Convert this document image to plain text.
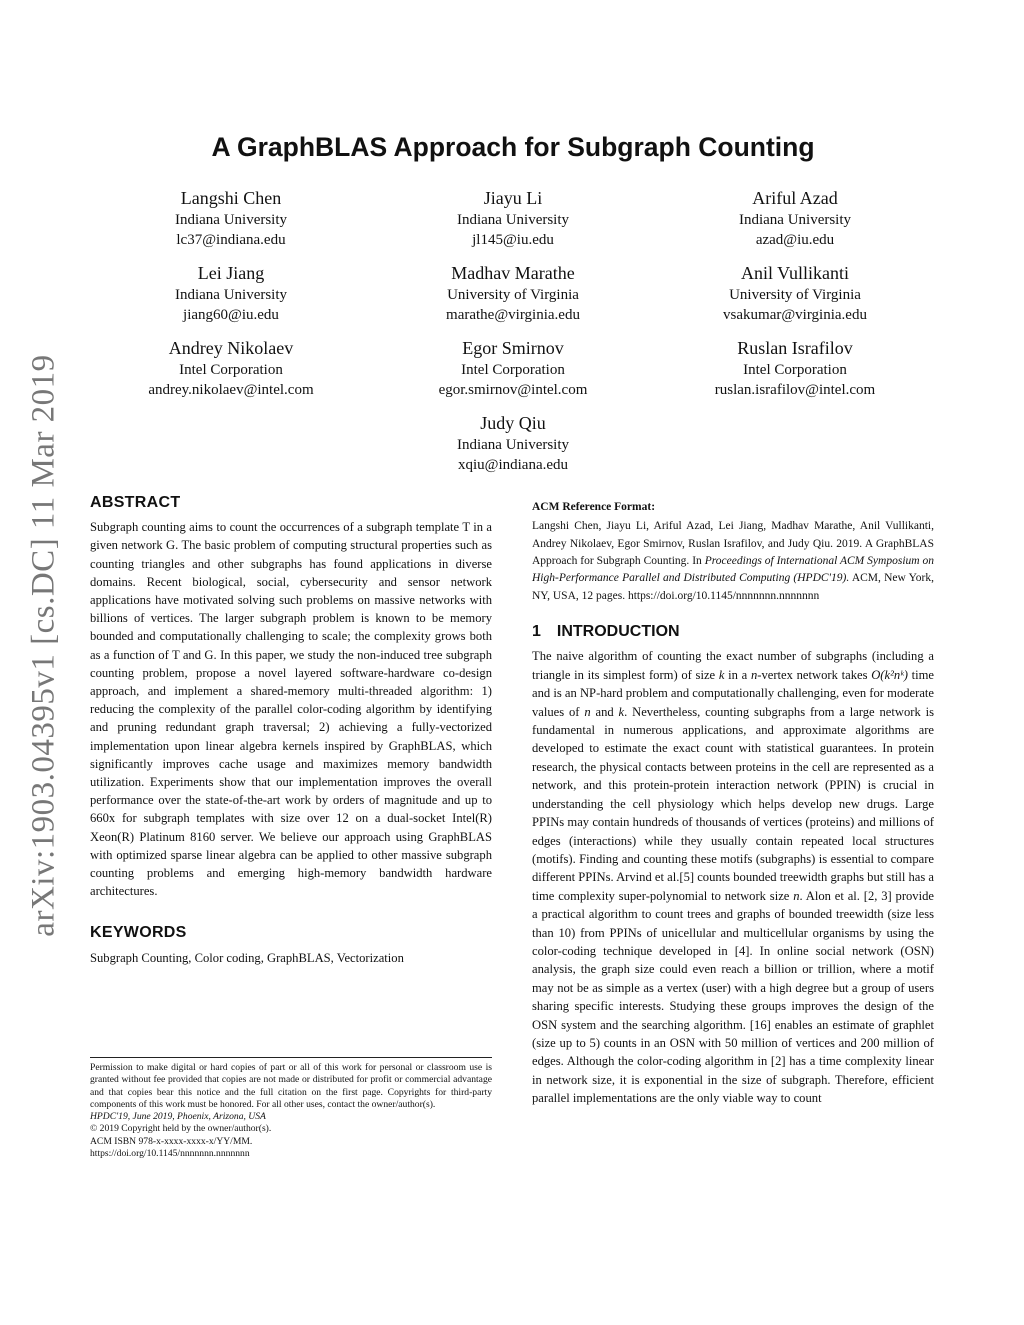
arXiv:1903.04395v1 [cs.DC] 11 Mar 2019
A GraphBLAS Approach for Subgraph Counting
Langshi Chen
Indiana University
lc37@indiana.edu
Jiayu Li
Indiana University
jl145@iu.edu
Ariful Azad
Indiana University
azad@iu.edu
Lei Jiang
Indiana University
jiang60@iu.edu
Madhav Marathe
University of Virginia
marathe@virginia.edu
Anil Vullikanti
University of Virginia
vsakumar@virginia.edu
Andrey Nikolaev
Intel Corporation
andrey.nikolaev@intel.com
Egor Smirnov
Intel Corporation
egor.smirnov@intel.com
Ruslan Israfilov
Intel Corporation
ruslan.israfilov@intel.com
Judy Qiu
Indiana University
xqiu@indiana.edu
ABSTRACT

Subgraph counting aims to count the occurrences of a subgraph template T in a given network G. The basic problem of computing structural properties such as counting triangles and other subgraphs has found applications in diverse domains. Recent biological, social, cybersecurity and sensor network applications have motivated solving such problems on massive networks with billions of vertices. The larger subgraph problem is known to be memory bounded and computationally challenging to scale; the complexity grows both as a function of T and G. In this paper, we study the non-induced tree subgraph counting problem, propose a novel layered software-hardware co-design approach, and implement a shared-memory multi-threaded algorithm: 1) reducing the complexity of the parallel color-coding algorithm by identifying and pruning redundant graph traversal; 2) achieving a fully-vectorized implementation upon linear algebra kernels inspired by GraphBLAS, which significantly improves cache usage and maximizes memory bandwidth utilization. Experiments show that our implementation improves the overall performance over the state-of-the-art work by orders of magnitude and up to 660x for subgraph templates with size over 12 on a dual-socket Intel(R) Xeon(R) Platinum 8160 server. We believe our approach using GraphBLAS with optimized sparse linear algebra can be applied to other massive subgraph counting problems and emerging high-memory bandwidth hardware architectures.

KEYWORDS

Subgraph Counting, Color coding, GraphBLAS, Vectorization

Permission to make digital or hard copies of part or all of this work for personal or classroom use is granted without fee provided that copies are not made or distributed for profit or commercial advantage and that copies bear this notice and the full citation on the first page. Copyrights for third-party components of this work must be honored. For all other uses, contact the owner/author(s).
HPDC'19, June 2019, Phoenix, Arizona, USA
© 2019 Copyright held by the owner/author(s).
ACM ISBN 978-x-xxxx-xxxx-x/YY/MM.
https://doi.org/10.1145/nnnnnnn.nnnnnnn
ACM Reference Format:

Langshi Chen, Jiayu Li, Ariful Azad, Lei Jiang, Madhav Marathe, Anil Vullikanti, Andrey Nikolaev, Egor Smirnov, Ruslan Israfilov, and Judy Qiu. 2019. A GraphBLAS Approach for Subgraph Counting. In Proceedings of International ACM Symposium on High-Performance Parallel and Distributed Computing (HPDC'19). ACM, New York, NY, USA, 12 pages. https://doi.org/10.1145/nnnnnnn.nnnnnnn

1 INTRODUCTION

The naive algorithm of counting the exact number of subgraphs (including a triangle in its simplest form) of size k in a n-vertex network takes O(k²nᵏ) time and is an NP-hard problem and computationally challenging, even for moderate values of n and k. Nevertheless, counting subgraphs from a large network is fundamental in numerous applications, and approximate algorithms are developed to estimate the exact count with statistical guarantees. In protein research, the physical contacts between proteins in the cell are represented as a network, and this protein-protein interaction network (PPIN) is crucial in understanding the cell physiology which helps develop new drugs. Large PPINs may contain hundreds of thousands of vertices (proteins) and millions of edges (interactions) while they usually contain repeated local structures (motifs). Finding and counting these motifs (subgraphs) is essential to compare different PPINs. Arvind et al.[5] counts bounded treewidth graphs but still has a time complexity super-polynomial to network size n. Alon et al. [2, 3] provide a practical algorithm to count trees and graphs of bounded treewidth (size less than 10) from PPINs of unicellular and multicellular organisms by using the color-coding technique developed in [4]. In online social network (OSN) analysis, the graph size could even reach a billion or trillion, where a motif may not be as simple as a vertex (user) with a high degree but a group of users sharing specific interests. Studying these groups improves the design of the OSN system and the searching algorithm. [16] enables an estimate of graphlet (size up to 5) counts in an OSN with 50 million of vertices and 200 million of edges. Although the color-coding algorithm in [2] has a time complexity linear in network size, it is exponential in the size of subgraph. Therefore, efficient parallel implementations are the only viable way to count
